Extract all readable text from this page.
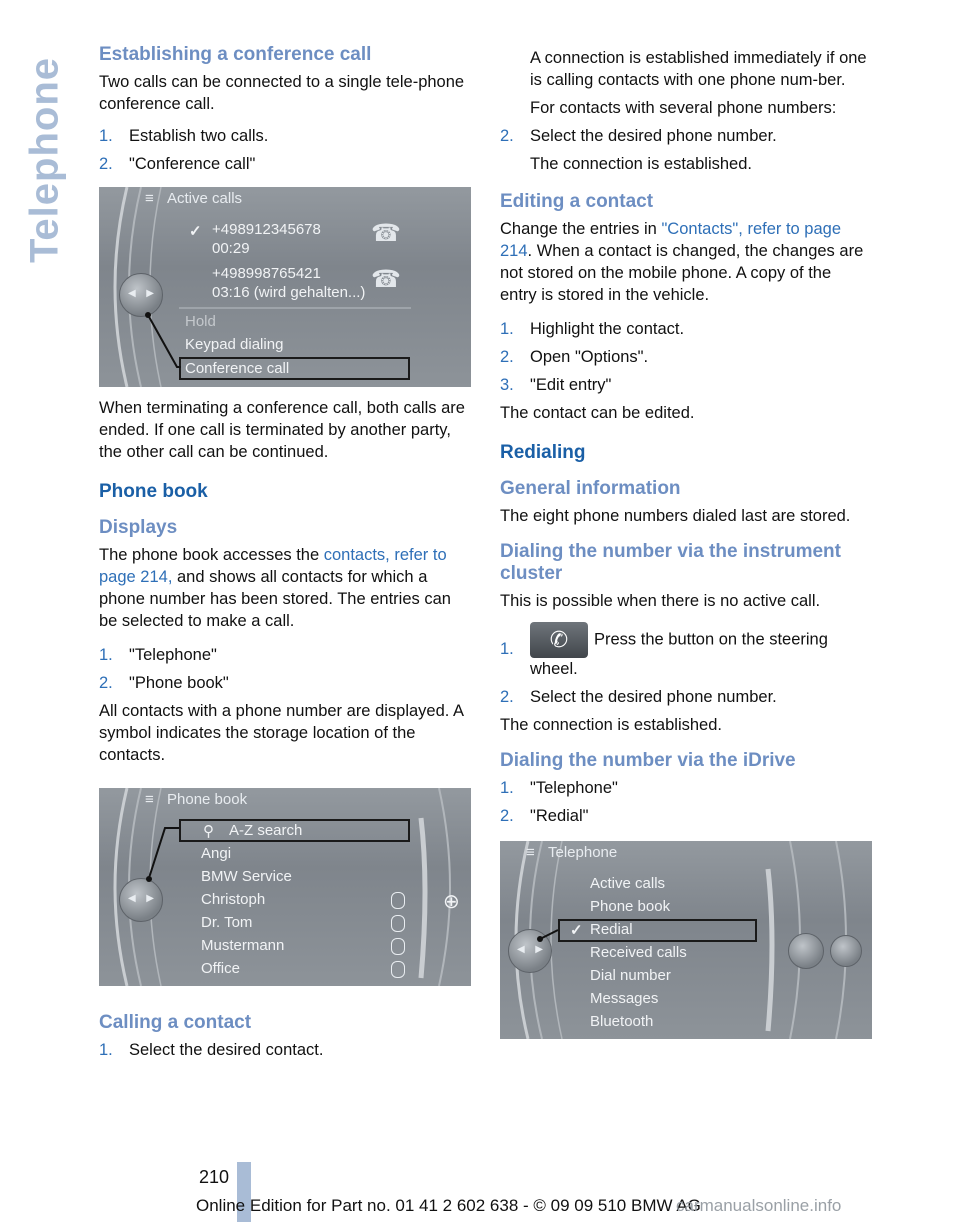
Telephone
Establishing a conference call

Two calls can be connected to a single tele-phone conference call.

1. Establish two calls.
2. "Conference call"
≡ Active calls
✓ +498912345678
00:29
+498998765421
03:16 (wird gehalten...)
☎
☎
Hold
Keypad dialing
Conference call
◀ ▶

When terminating a conference call, both calls are ended. If one call is terminated by another party, the other call can be continued.

Phone book
Displays

The phone book accesses the contacts, refer to page 214, and shows all contacts for which a phone number has been stored. The entries can be selected to make a call.

1. "Telephone"
2. "Phone book"

All contacts with a phone number are displayed. A symbol indicates the storage location of the contacts.

≡ Phone book
⚲ A-Z search
Angi
BMW Service
Christoph
Dr. Tom
Mustermann
Office
⊕
◀ ▶
Calling a contact
1. Select the desired contact.
A connection is established immediately if one is calling contacts with one phone num-ber.
For contacts with several phone numbers:
2. Select the desired phone number.
The connection is established.
Editing a contact

Change the entries in "Contacts", refer to page 214. When a contact is changed, the changes are not stored on the mobile phone. A copy of the entry is stored in the vehicle.

1. Highlight the contact.
2. Open "Options".
3. "Edit entry"

The contact can be edited.

Redialing
General information

The eight phone numbers dialed last are stored.

Dialing the number via the instrument cluster

This is possible when there is no active call.

1. ✆ Press the button on the steering wheel.
2. Select the desired phone number.

The connection is established.

Dialing the number via the iDrive
1. "Telephone"
2. "Redial"
≡ Telephone
Active calls
Phone book
✓ Redial
Received calls
Dial number
Messages
Bluetooth
◀ ▶
210
Online Edition for Part no. 01 41 2 602 638 - © 09 09 510 BMW AG
carmanualsonline.info
